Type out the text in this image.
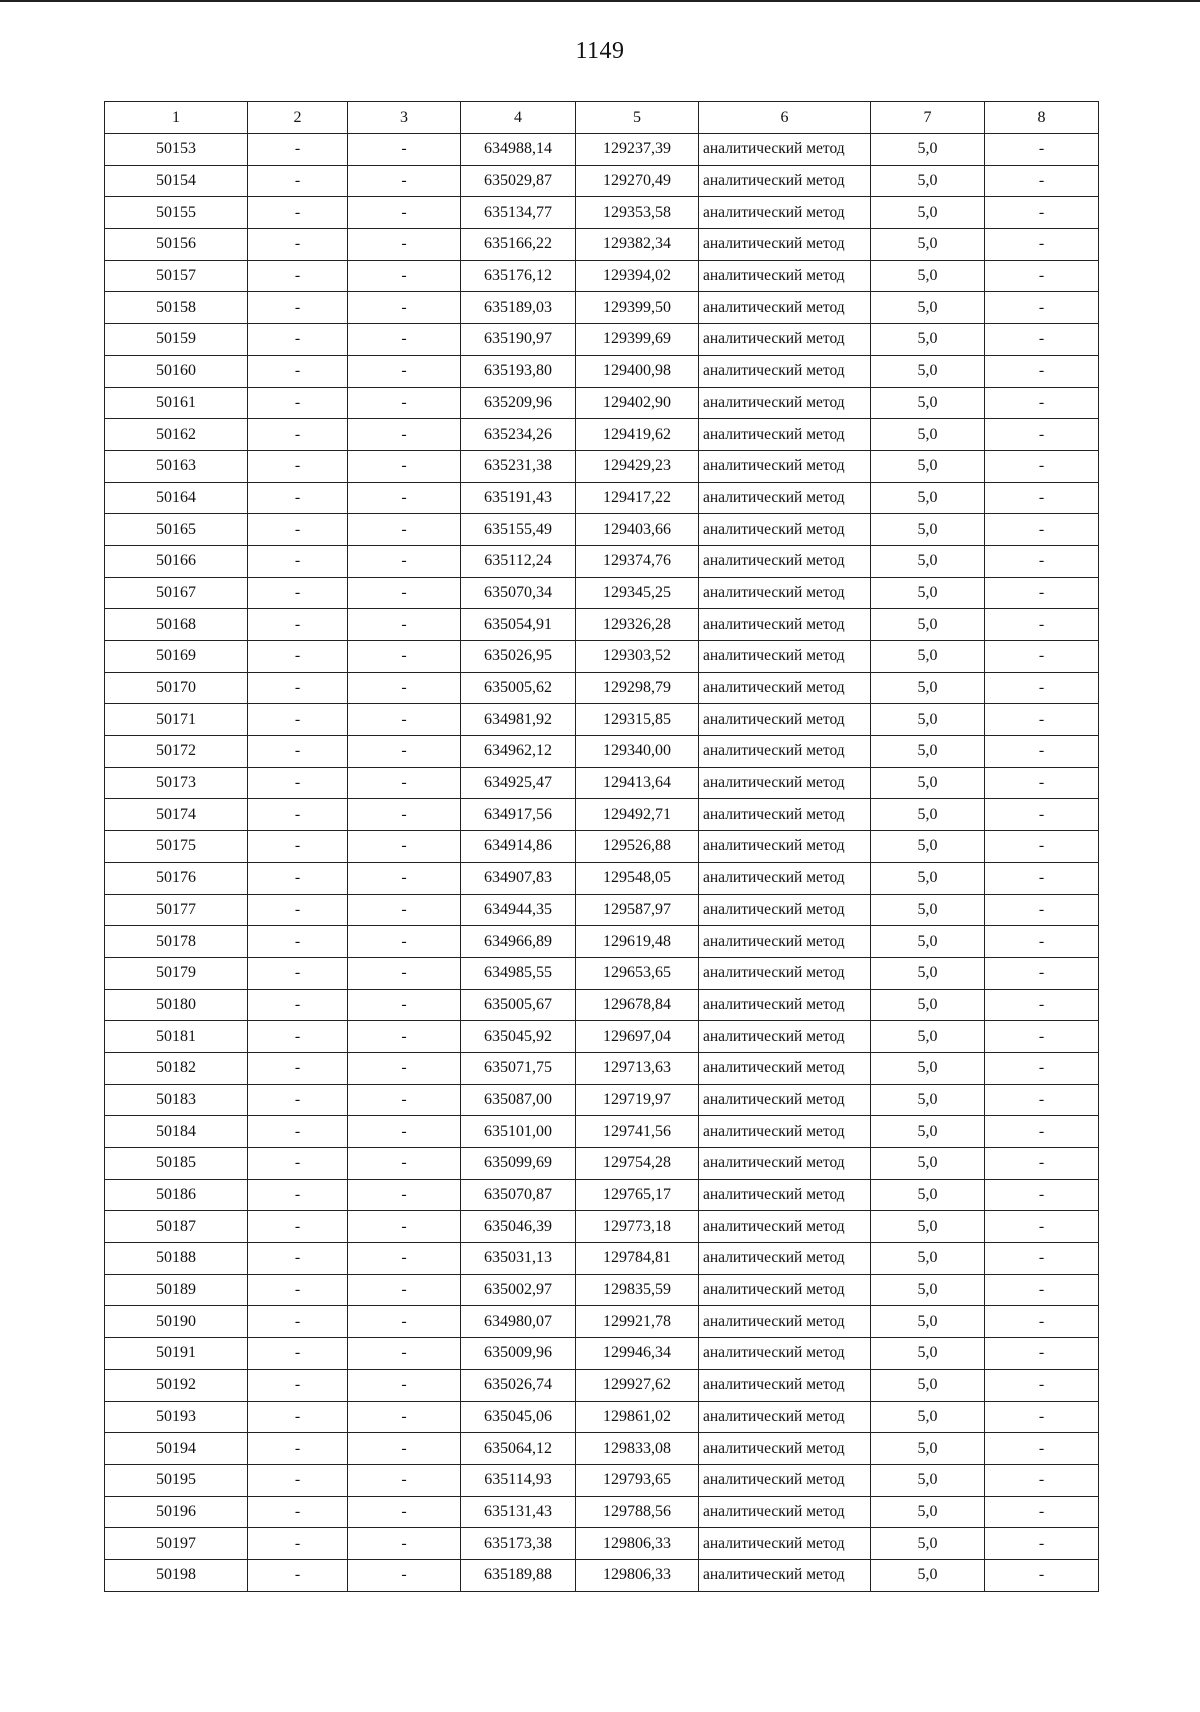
1149
1	2	3	4	5	6	7	8
50153	-	-	634988,14	129237,39	аналитический метод	5,0	-
50154	-	-	635029,87	129270,49	аналитический метод	5,0	-
50155	-	-	635134,77	129353,58	аналитический метод	5,0	-
50156	-	-	635166,22	129382,34	аналитический метод	5,0	-
50157	-	-	635176,12	129394,02	аналитический метод	5,0	-
50158	-	-	635189,03	129399,50	аналитический метод	5,0	-
50159	-	-	635190,97	129399,69	аналитический метод	5,0	-
50160	-	-	635193,80	129400,98	аналитический метод	5,0	-
50161	-	-	635209,96	129402,90	аналитический метод	5,0	-
50162	-	-	635234,26	129419,62	аналитический метод	5,0	-
50163	-	-	635231,38	129429,23	аналитический метод	5,0	-
50164	-	-	635191,43	129417,22	аналитический метод	5,0	-
50165	-	-	635155,49	129403,66	аналитический метод	5,0	-
50166	-	-	635112,24	129374,76	аналитический метод	5,0	-
50167	-	-	635070,34	129345,25	аналитический метод	5,0	-
50168	-	-	635054,91	129326,28	аналитический метод	5,0	-
50169	-	-	635026,95	129303,52	аналитический метод	5,0	-
50170	-	-	635005,62	129298,79	аналитический метод	5,0	-
50171	-	-	634981,92	129315,85	аналитический метод	5,0	-
50172	-	-	634962,12	129340,00	аналитический метод	5,0	-
50173	-	-	634925,47	129413,64	аналитический метод	5,0	-
50174	-	-	634917,56	129492,71	аналитический метод	5,0	-
50175	-	-	634914,86	129526,88	аналитический метод	5,0	-
50176	-	-	634907,83	129548,05	аналитический метод	5,0	-
50177	-	-	634944,35	129587,97	аналитический метод	5,0	-
50178	-	-	634966,89	129619,48	аналитический метод	5,0	-
50179	-	-	634985,55	129653,65	аналитический метод	5,0	-
50180	-	-	635005,67	129678,84	аналитический метод	5,0	-
50181	-	-	635045,92	129697,04	аналитический метод	5,0	-
50182	-	-	635071,75	129713,63	аналитический метод	5,0	-
50183	-	-	635087,00	129719,97	аналитический метод	5,0	-
50184	-	-	635101,00	129741,56	аналитический метод	5,0	-
50185	-	-	635099,69	129754,28	аналитический метод	5,0	-
50186	-	-	635070,87	129765,17	аналитический метод	5,0	-
50187	-	-	635046,39	129773,18	аналитический метод	5,0	-
50188	-	-	635031,13	129784,81	аналитический метод	5,0	-
50189	-	-	635002,97	129835,59	аналитический метод	5,0	-
50190	-	-	634980,07	129921,78	аналитический метод	5,0	-
50191	-	-	635009,96	129946,34	аналитический метод	5,0	-
50192	-	-	635026,74	129927,62	аналитический метод	5,0	-
50193	-	-	635045,06	129861,02	аналитический метод	5,0	-
50194	-	-	635064,12	129833,08	аналитический метод	5,0	-
50195	-	-	635114,93	129793,65	аналитический метод	5,0	-
50196	-	-	635131,43	129788,56	аналитический метод	5,0	-
50197	-	-	635173,38	129806,33	аналитический метод	5,0	-
50198	-	-	635189,88	129806,33	аналитический метод	5,0	-
